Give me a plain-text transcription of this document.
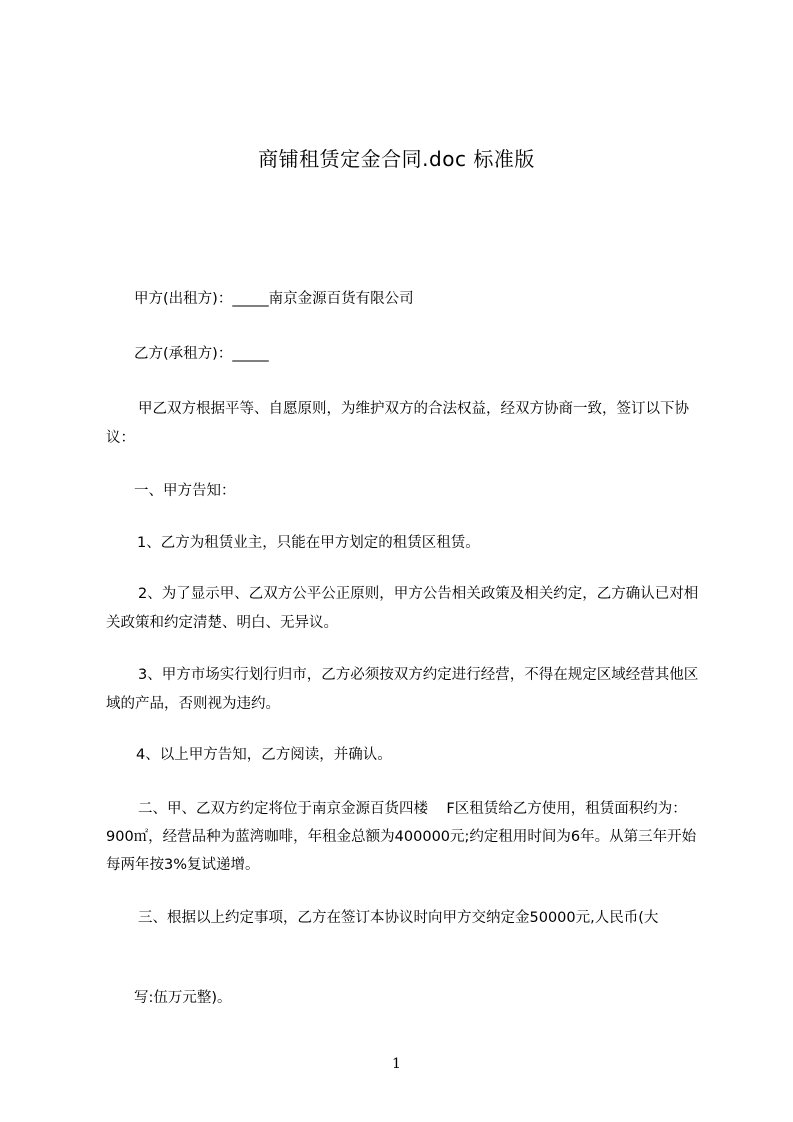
商铺租赁定金合同.doc 标准版

甲方(出租方)：_____南京金源百货有限公司

乙方(承租方)：_____

甲乙双方根据平等、自愿原则，为维护双方的合法权益，经双方协商一致，签订以下协议：

一、甲方告知：

1、乙方为租赁业主，只能在甲方划定的租赁区租赁。

2、为了显示甲、乙双方公平公正原则，甲方公告相关政策及相关约定，乙方确认已对相关政策和约定清楚、明白、无异议。

3、甲方市场实行划行归市，乙方必须按双方约定进行经营，不得在规定区域经营其他区域的产品，否则视为违约。

4、以上甲方告知，乙方阅读，并确认。

二、甲、乙双方约定将位于南京金源百货四楼    F区租赁给乙方使用，租赁面积约为：900㎡，经营品种为蓝湾咖啡，年租金总额为400000元;约定租用时间为6年。从第三年开始每两年按3%复试递增。

三、根据以上约定事项，乙方在签订本协议时向甲方交纳定金50000元,人民币(大

写:伍万元整)。

1
